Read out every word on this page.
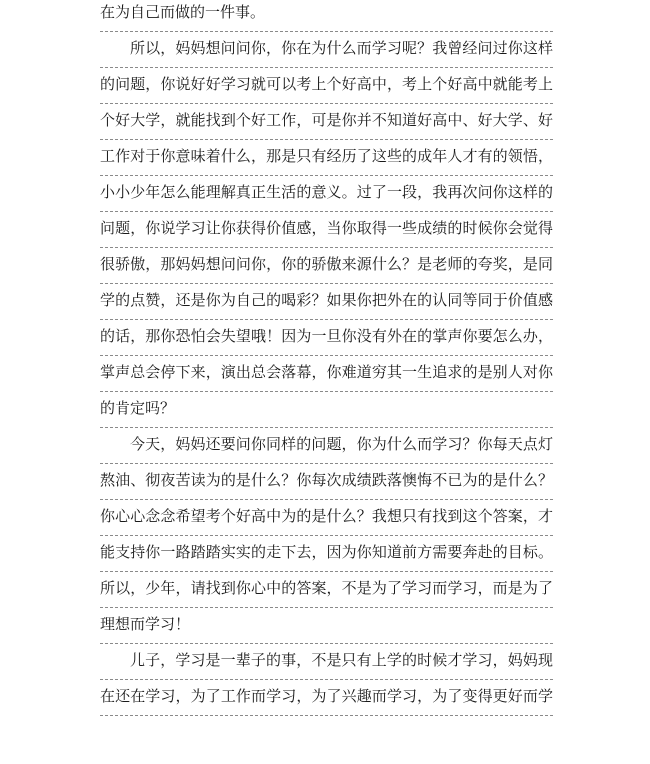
在为自己而做的一件事。
所以，妈妈想问问你，你在为什么而学习呢？我曾经问过你这样
的问题，你说好好学习就可以考上个好高中，考上个好高中就能考上
个好大学，就能找到个好工作，可是你并不知道好高中、好大学、好
工作对于你意味着什么，那是只有经历了这些的成年人才有的领悟，
小小少年怎么能理解真正生活的意义。过了一段，我再次问你这样的
问题，你说学习让你获得价值感，当你取得一些成绩的时候你会觉得
很骄傲，那妈妈想问问你，你的骄傲来源什么？是老师的夸奖，是同
学的点赞，还是你为自己的喝彩？如果你把外在的认同等同于价值感
的话，那你恐怕会失望哦！因为一旦你没有外在的掌声你要怎么办，
掌声总会停下来，演出总会落幕，你难道穷其一生追求的是别人对你
的肯定吗？
今天，妈妈还要问你同样的问题，你为什么而学习？你每天点灯
熬油、彻夜苦读为的是什么？你每次成绩跌落懊悔不已为的是什么？
你心心念念希望考个好高中为的是什么？我想只有找到这个答案，才
能支持你一路踏踏实实的走下去，因为你知道前方需要奔赴的目标。
所以，少年，请找到你心中的答案，不是为了学习而学习，而是为了
理想而学习！
儿子，学习是一辈子的事，不是只有上学的时候才学习，妈妈现
在还在学习，为了工作而学习，为了兴趣而学习，为了变得更好而学
